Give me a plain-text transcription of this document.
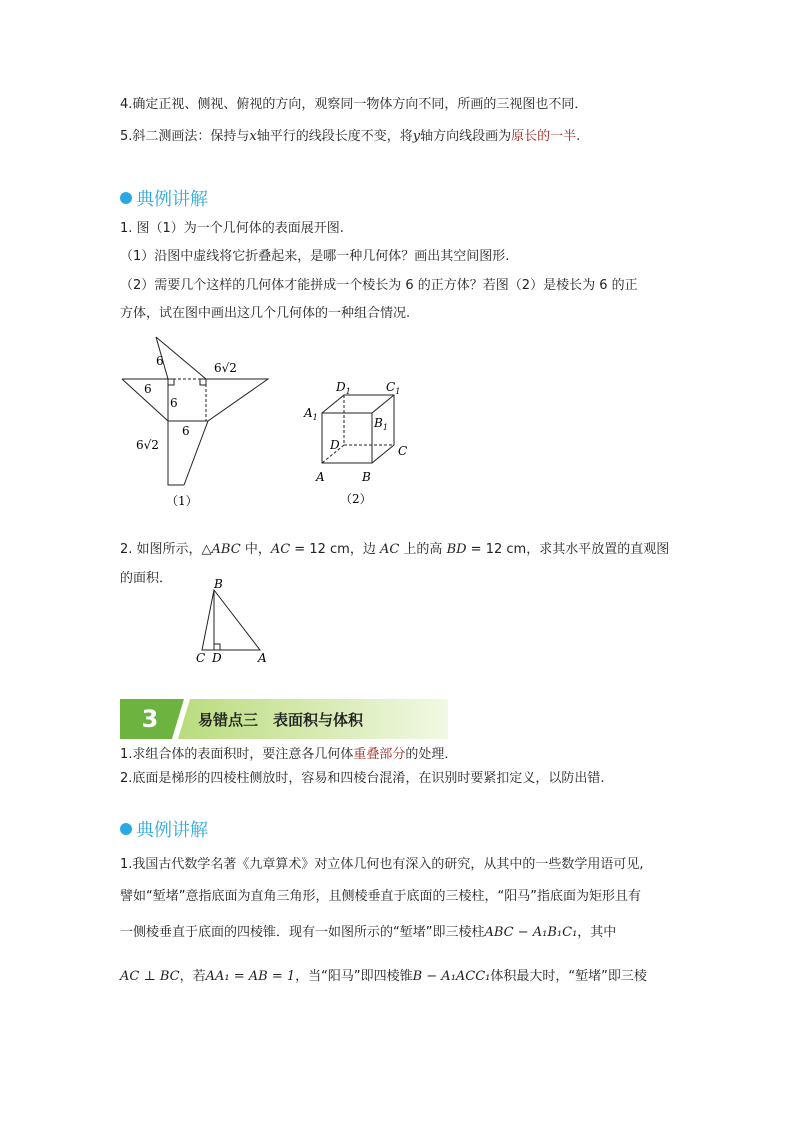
4.确定正视、侧视、俯视的方向，观察同一物体方向不同，所画的三视图也不同．
5.斜二测画法：保持与x轴平行的线段长度不变，将y轴方向线段画为原长的一半.
典例讲解
1. 图（1）为一个几何体的表面展开图.
（1）沿图中虚线将它折叠起来，是哪一种几何体？画出其空间图形.
（2）需要几个这样的几何体才能拼成一个棱长为 6 的正方体？若图（2）是棱长为 6 的正
方体，试在图中画出这几个几何体的一种组合情况.
6	6√2
6
6
6
6√2
（1）
$D_1$	$C_1$
$A_1$	$B_1$
D	C
A	B
（2）
2. 如图所示，△ABC 中，AC = 12 cm，边 AC 上的高 BD = 12 cm，求其水平放置的直观图
的面积．	B
C D	A
3	易错点三　表面积与体积
1.求组合体的表面积时，要注意各几何体重叠部分的处理．
2.底面是梯形的四棱柱侧放时，容易和四棱台混淆，在识别时要紧扣定义，以防出错.
典例讲解
1.我国古代数学名著《九章算术》对立体几何也有深入的研究，从其中的一些数学用语可见,
譬如“堑堵”意指底面为直角三角形，且侧棱垂直于底面的三棱柱，“阳马”指底面为矩形且有
一侧棱垂直于底面的四棱锥．现有一如图所示的“堑堵”即三棱柱ABC − A₁B₁C₁，其中
AC ⊥ BC，若AA₁ = AB = 1，当“阳马”即四棱锥B − A₁ACC₁体积最大时，“堑堵”即三棱
